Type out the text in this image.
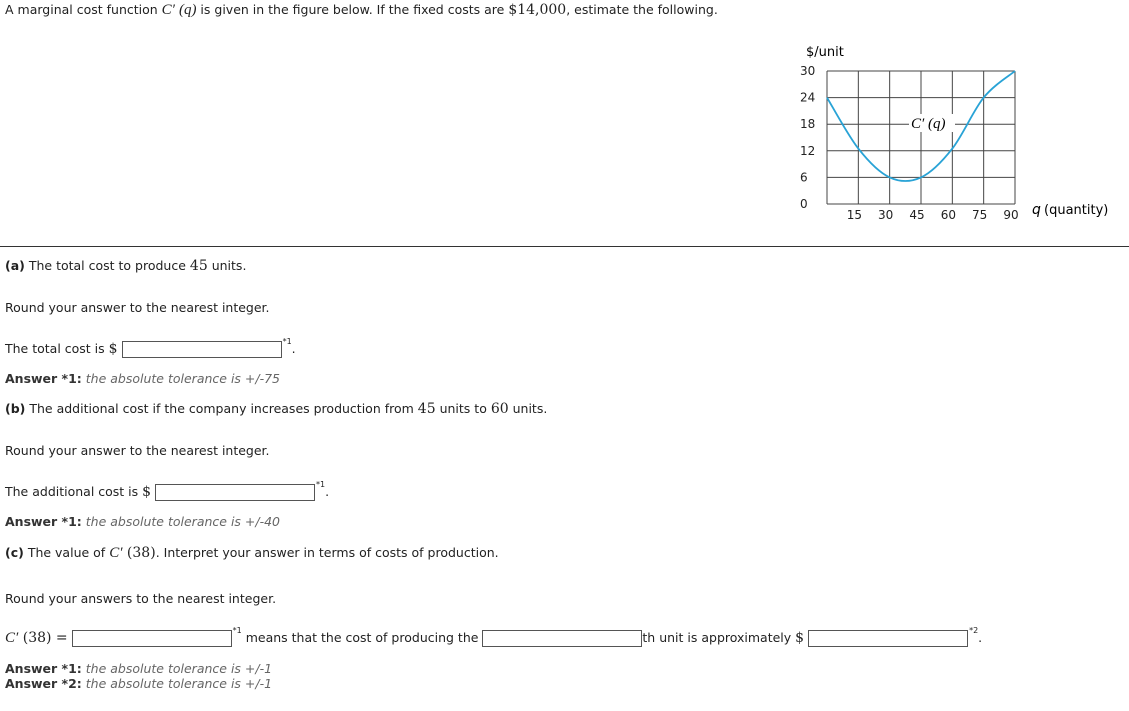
A marginal cost function C′ (q) is given in the figure below. If the fixed costs are $14,000, estimate the following.
$/unit
0
6
12
18
24
30
15 30 45 60 75 90
C′ (q)
q (quantity)
(a) The total cost to produce 45 units.
Round your answer to the nearest integer.
The total cost is $	$^{*1}$.
Answer *1: the absolute tolerance is +/-75
(b) The additional cost if the company increases production from 45 units to 60 units.
Round your answer to the nearest integer.
The additional cost is $	$^{*1}$.
Answer *1: the absolute tolerance is +/-40
(c) The value of C′ (38). Interpret your answer in terms of costs of production.
Round your answers to the nearest integer.
C′ (38) =	$^{*1}$ means that the cost of producing the	th unit is approximately $	$^{*2}$.
Answer *1: the absolute tolerance is +/-1
Answer *2: the absolute tolerance is +/-1
